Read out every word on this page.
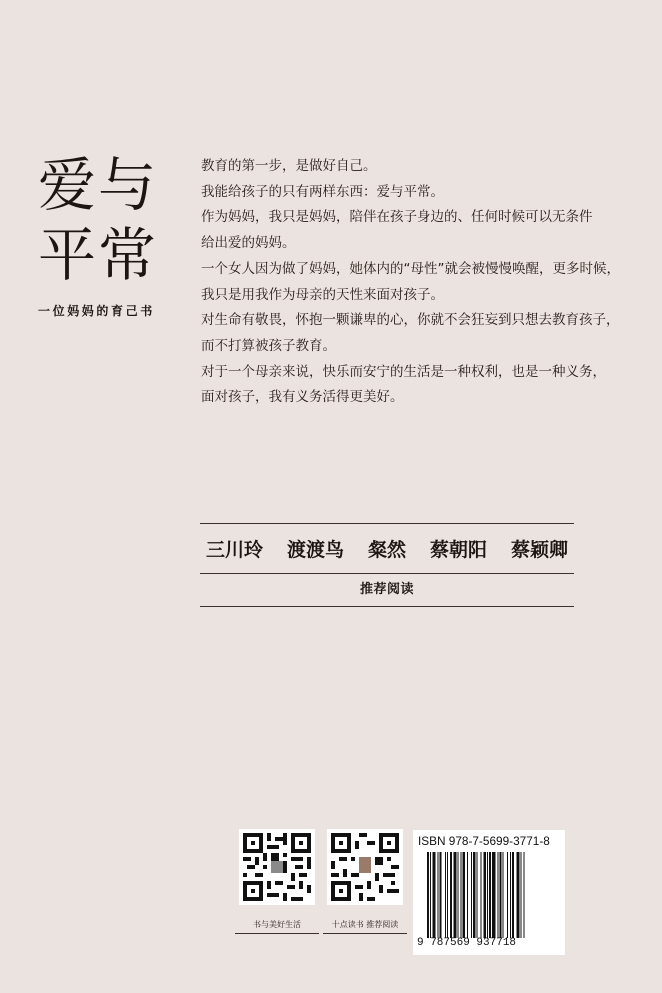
爱与
平常
一位妈妈的育己书

教育的第一步，是做好自己。

我能给孩子的只有两样东西：爱与平常。

作为妈妈，我只是妈妈，陪伴在孩子身边的、任何时候可以无条件

给出爱的妈妈。

一个女人因为做了妈妈，她体内的“母性”就会被慢慢唤醒，更多时候，

我只是用我作为母亲的天性来面对孩子。

对生命有敬畏，怀抱一颗谦卑的心，你就不会狂妄到只想去教育孩子，

而不打算被孩子教育。

对于一个母亲来说，快乐而安宁的生活是一种权利，也是一种义务，

面对孩子，我有义务活得更美好。

三川玲 渡渡鸟 粲然 蔡朝阳 蔡颖卿
推荐阅读
书与美好生活	十点读书 推荐阅读
ISBN 978-7-5699-3771-8
9 787569 937718
